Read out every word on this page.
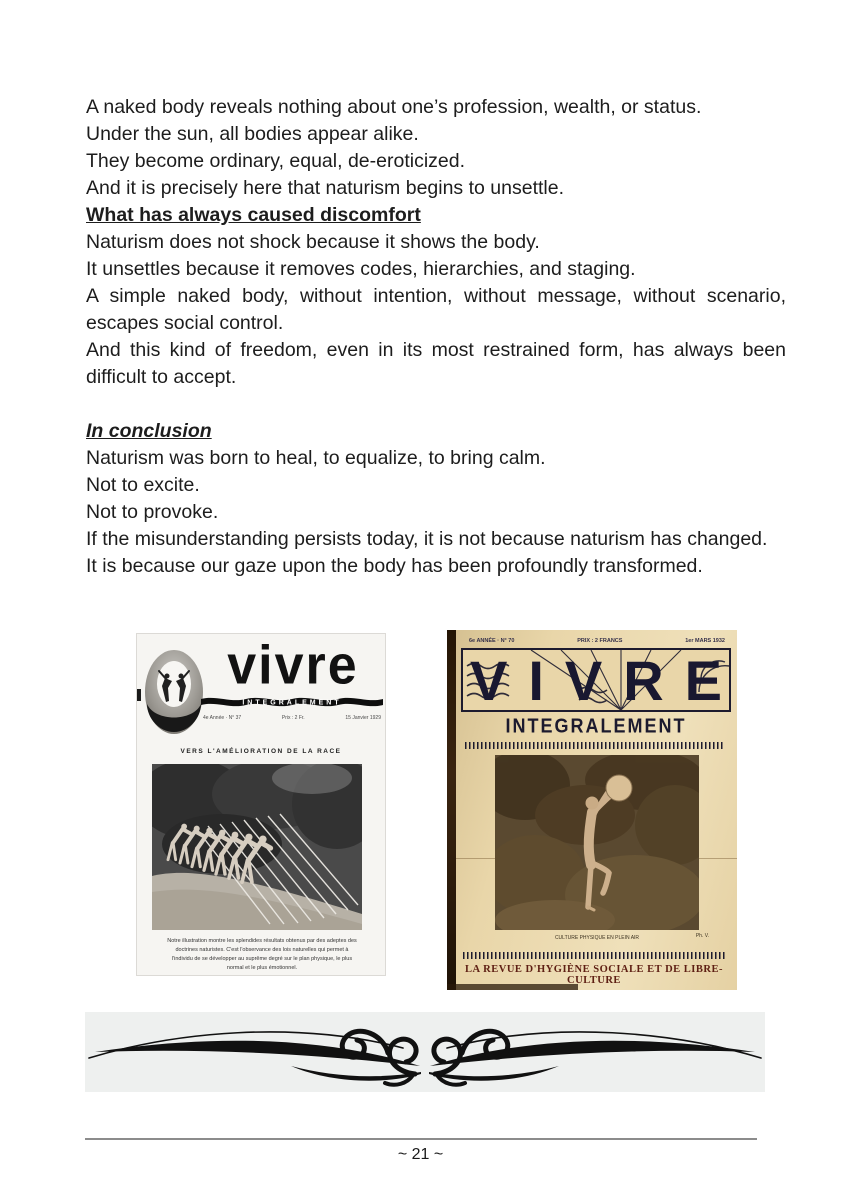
A naked body reveals nothing about one’s profession, wealth, or status.

Under the sun, all bodies appear alike.

They become ordinary, equal, de-eroticized.

And it is precisely here that naturism begins to unsettle.

What has always caused discomfort

Naturism does not shock because it shows the body.

It unsettles because it removes codes, hierarchies, and staging.

A simple naked body, without intention, without message, without scenario, escapes social control.

And this kind of freedom, even in its most restrained form, has always been difficult to accept.

In conclusion

Naturism was born to heal, to equalize, to bring calm.

Not to excite.

Not to provoke.

If the misunderstanding persists today, it is not because naturism has changed.

It is because our gaze upon the body has been profoundly transformed.

vivre
INTEGRALEMENT
4e Année · N° 37	Prix : 2 Fr.	15 Janvier 1929
VERS L'AMÉLIORATION DE LA RACE
Notre illustration montre les splendides résultats obtenus par des adeptes des doctrines naturistes. C'est l'observance des lois naturelles qui permet à l'individu de se développer au suprême degré sur le plan physique, le plus normal et le plus émotionnel.
6e ANNÉE · N° 70	PRIX : 2 FRANCS	1er MARS 1932
VIVRE
INTEGRALEMENT
CULTURE PHYSIQUE EN PLEIN AIR	Ph. V.
LA REVUE D'HYGIÈNE SOCIALE ET DE LIBRE-CULTURE
~ 21 ~
